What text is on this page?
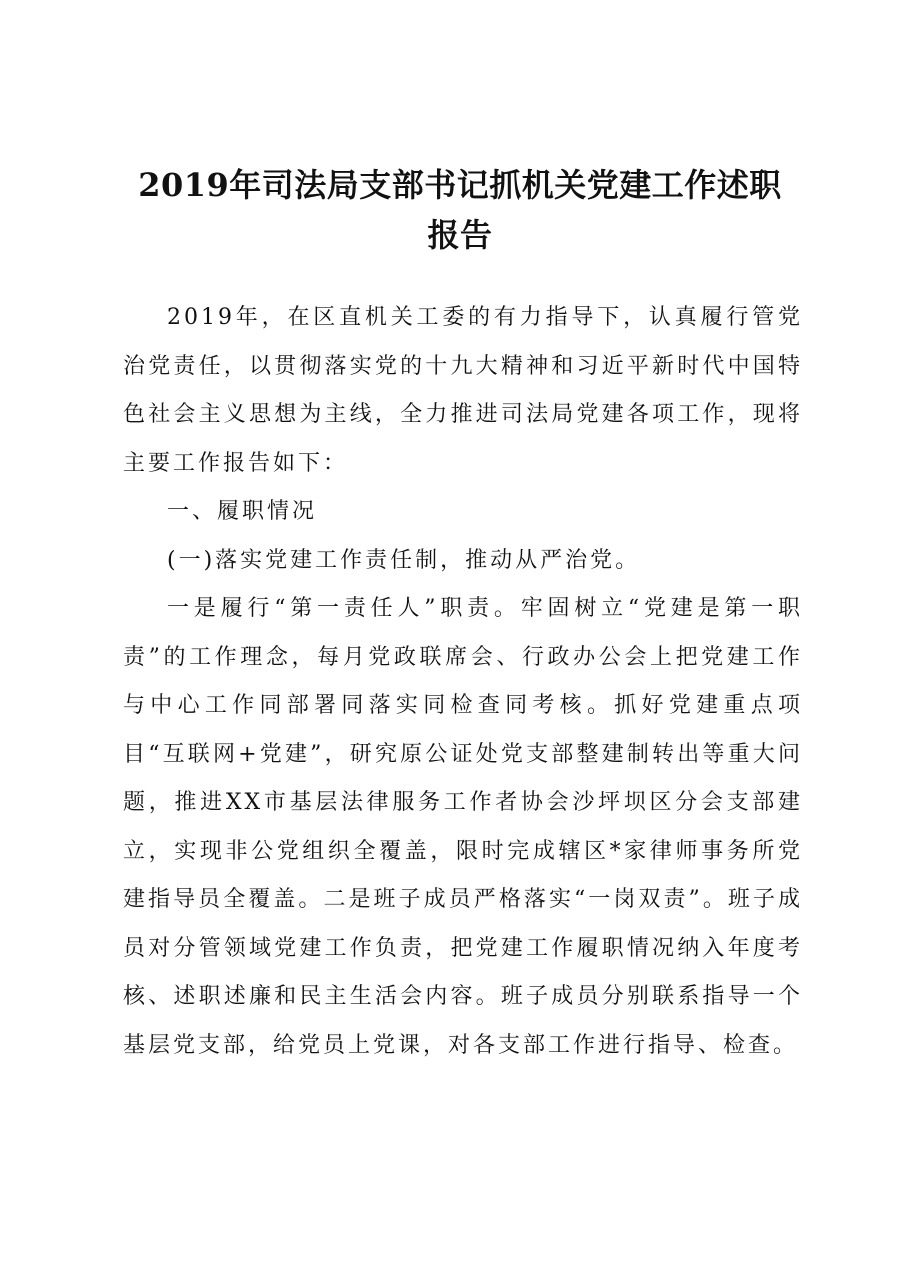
2019年司法局支部书记抓机关党建工作述职
报告

2019年，在区直机关工委的有力指导下，认真履行管党治党责任，以贯彻落实党的十九大精神和习近平新时代中国特色社会主义思想为主线，全力推进司法局党建各项工作，现将主要工作报告如下：

一、履职情况

(一)落实党建工作责任制，推动从严治党。

一是履行“第一责任人”职责。牢固树立“党建是第一职责”的工作理念，每月党政联席会、行政办公会上把党建工作与中心工作同部署同落实同检查同考核。抓好党建重点项目“互联网+党建”，研究原公证处党支部整建制转出等重大问题，推进XX市基层法律服务工作者协会沙坪坝区分会支部建立，实现非公党组织全覆盖，限时完成辖区*家律师事务所党建指导员全覆盖。二是班子成员严格落实“一岗双责”。班子成员对分管领域党建工作负责，把党建工作履职情况纳入年度考核、述职述廉和民主生活会内容。班子成员分别联系指导一个基层党支部，给党员上党课，对各支部工作进行指导、检查。
